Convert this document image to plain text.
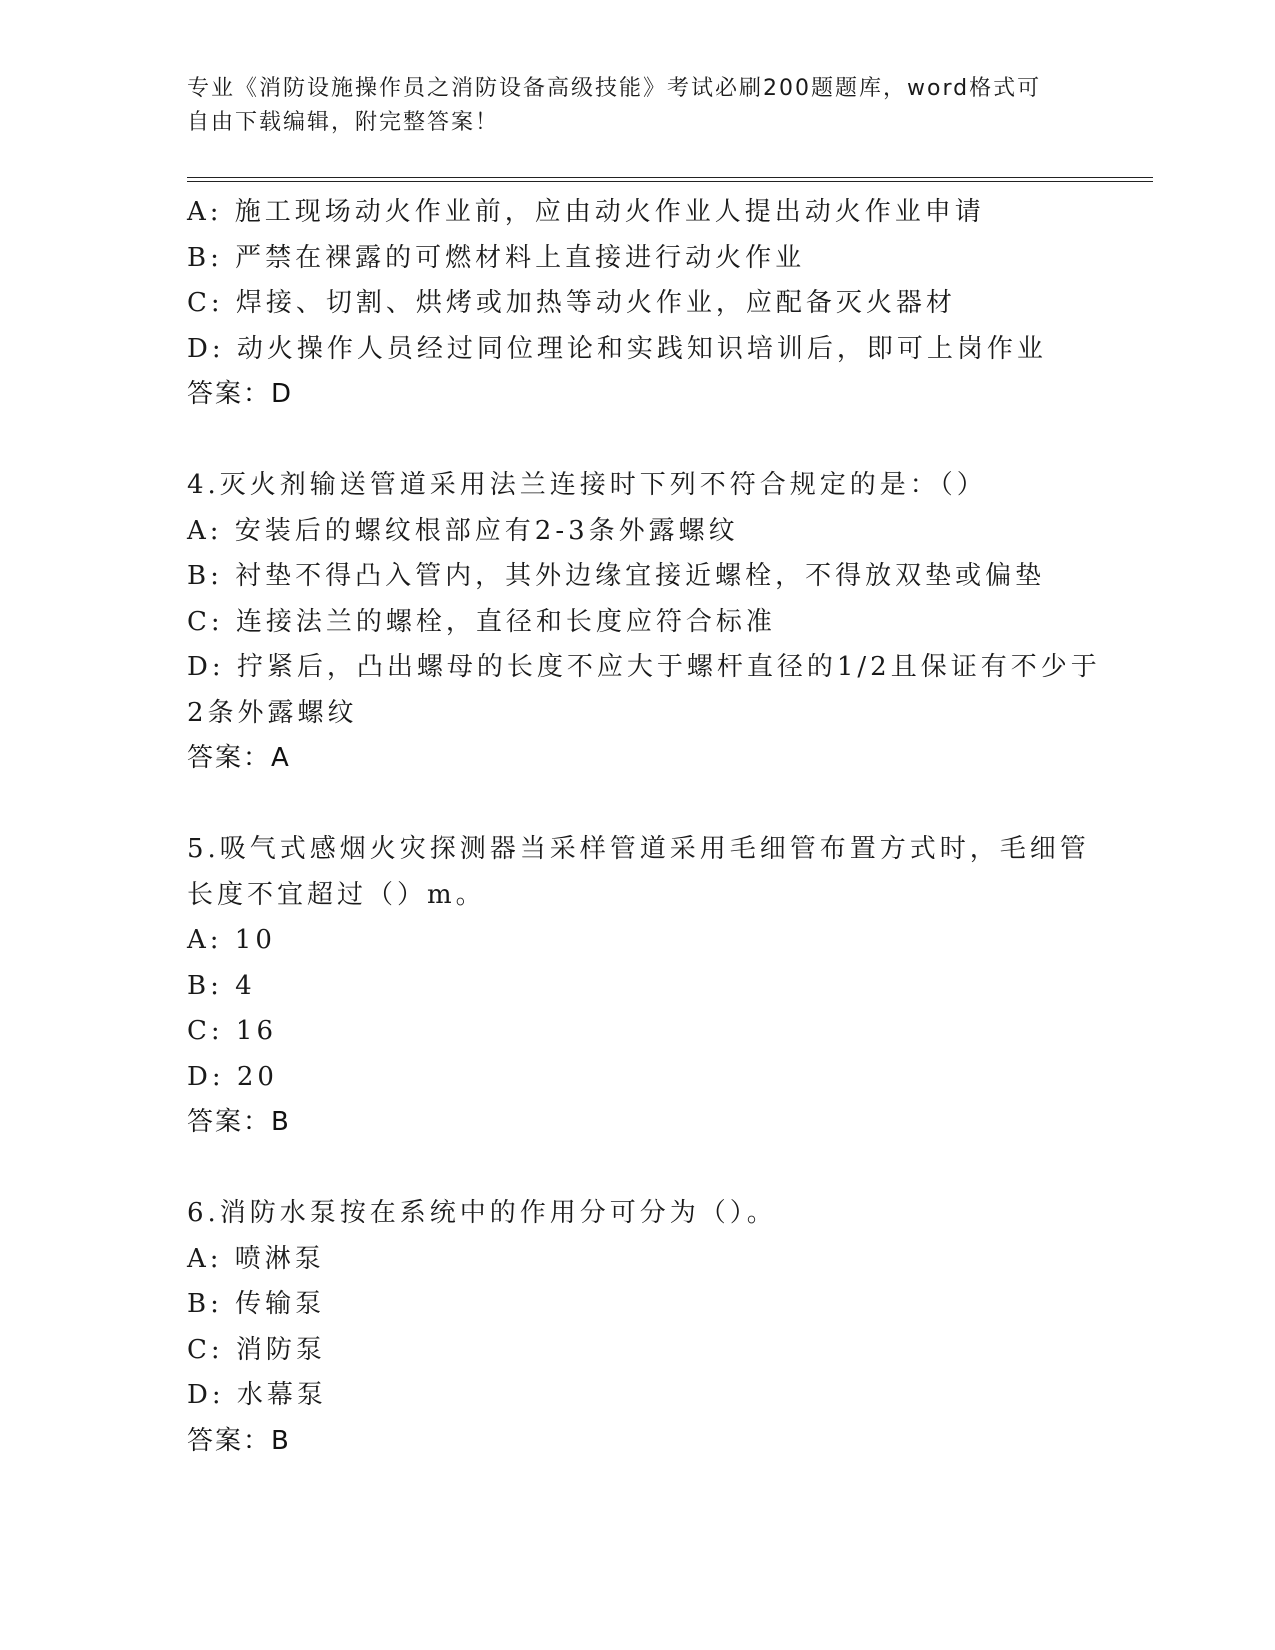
专业《消防设施操作员之消防设备高级技能》考试必刷200题题库，word格式可
自由下载编辑，附完整答案！
A: 施工现场动火作业前，应由动火作业人提出动火作业申请
B: 严禁在裸露的可燃材料上直接进行动火作业
C: 焊接、切割、烘烤或加热等动火作业，应配备灭火器材
D: 动火操作人员经过同位理论和实践知识培训后，即可上岗作业
答案：D
4.灭火剂输送管道采用法兰连接时下列不符合规定的是：（）
A: 安装后的螺纹根部应有2-3条外露螺纹
B: 衬垫不得凸入管内，其外边缘宜接近螺栓，不得放双垫或偏垫
C: 连接法兰的螺栓，直径和长度应符合标准
D: 拧紧后，凸出螺母的长度不应大于螺杆直径的1/2且保证有不少于
2条外露螺纹
答案：A
5.吸气式感烟火灾探测器当采样管道采用毛细管布置方式时，毛细管
长度不宜超过（）m。
A: 10
B: 4
C: 16
D: 20
答案：B
6.消防水泵按在系统中的作用分可分为（）。
A: 喷淋泵
B: 传输泵
C: 消防泵
D: 水幕泵
答案：B
